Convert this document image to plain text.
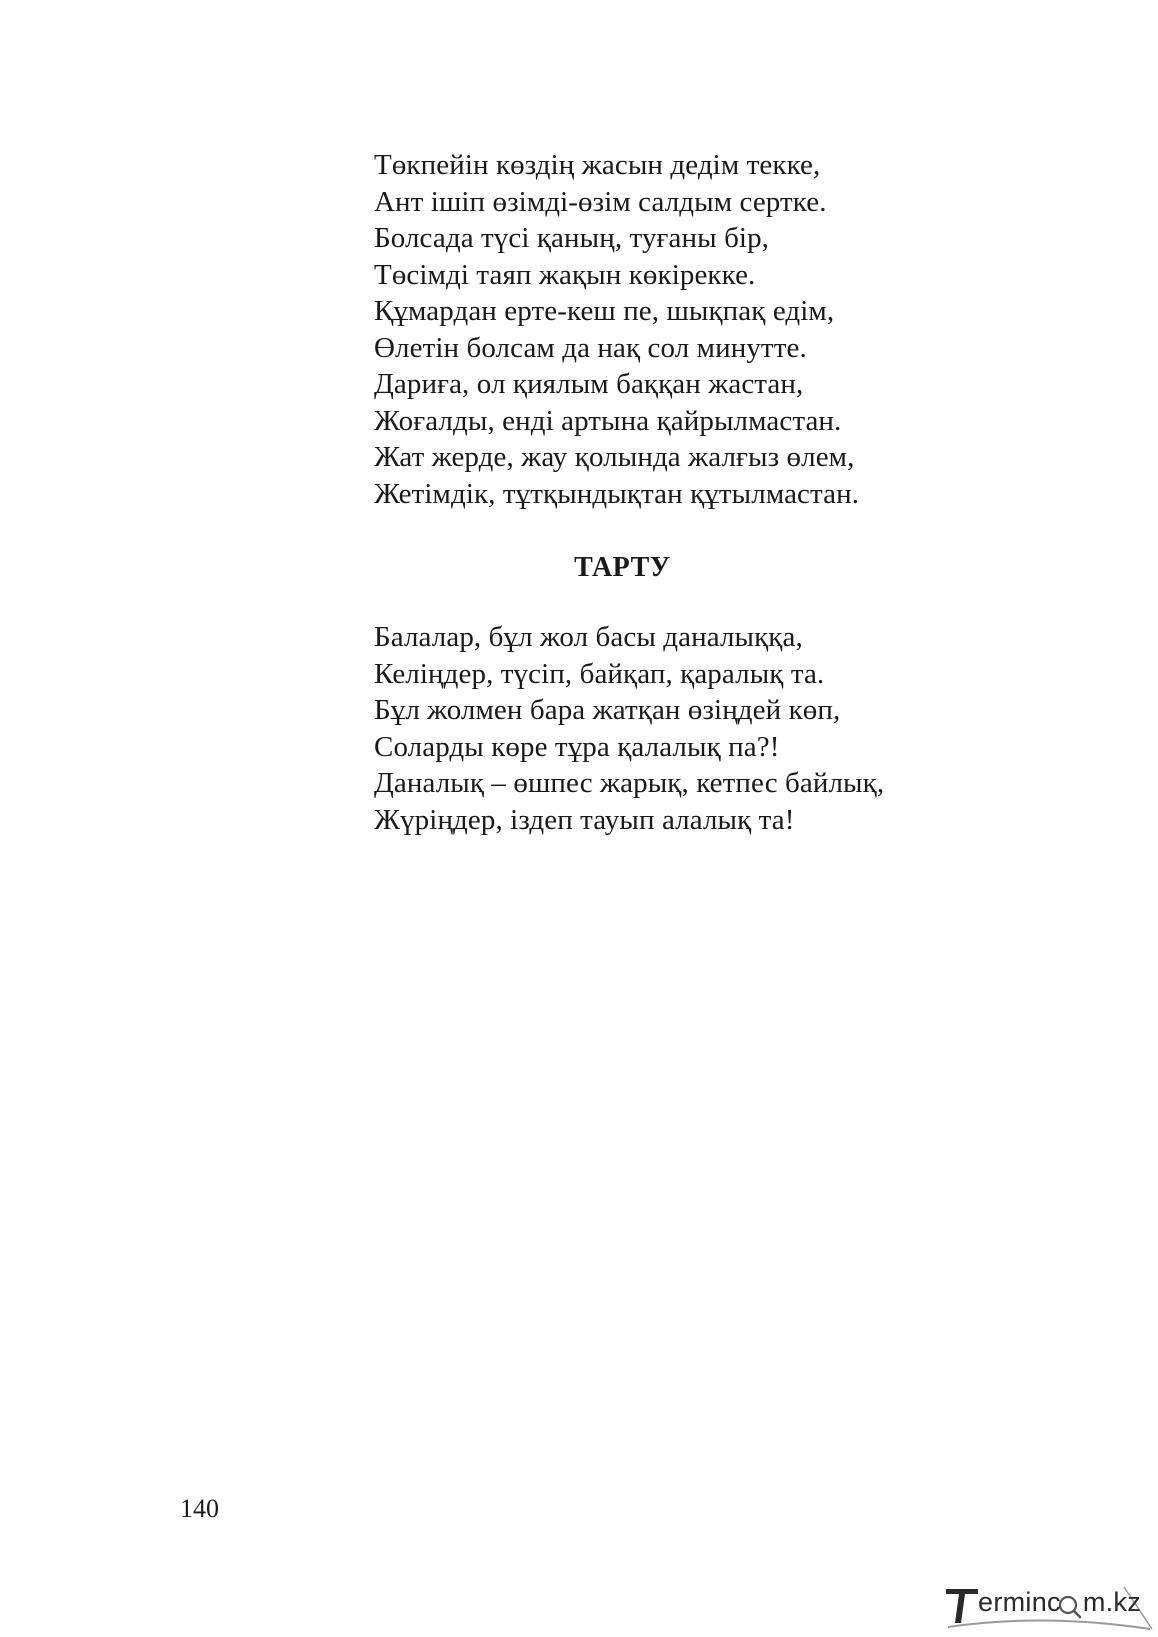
Төкпейін көздің жасын дедім текке,
Ант ішіп өзімді-өзім салдым сертке.
Болсада түсі қаның, туғаны бір,
Төсімді таяп жақын көкірекке.
Құмардан ерте-кеш пе, шықпақ едім,
Өлетін болсам да нақ сол минутте.
Дариға, ол қиялым баққан жастан,
Жоғалды, енді артына қайрылмастан.
Жат жерде, жау қолында жалғыз өлем,
Жетімдік, тұтқындықтан құтылмастан.
ТАРТУ
Балалар, бұл жол басы даналыққа,
Келіңдер, түсіп, байқап, қаралық та.
Бұл жолмен бара жатқан өзіңдей көп,
Соларды көре тұра қалалық па?!
Даналық – өшпес жарық, кетпес байлық,
Жүріңдер, іздеп тауып алалық та!
140
erminc m.kz
